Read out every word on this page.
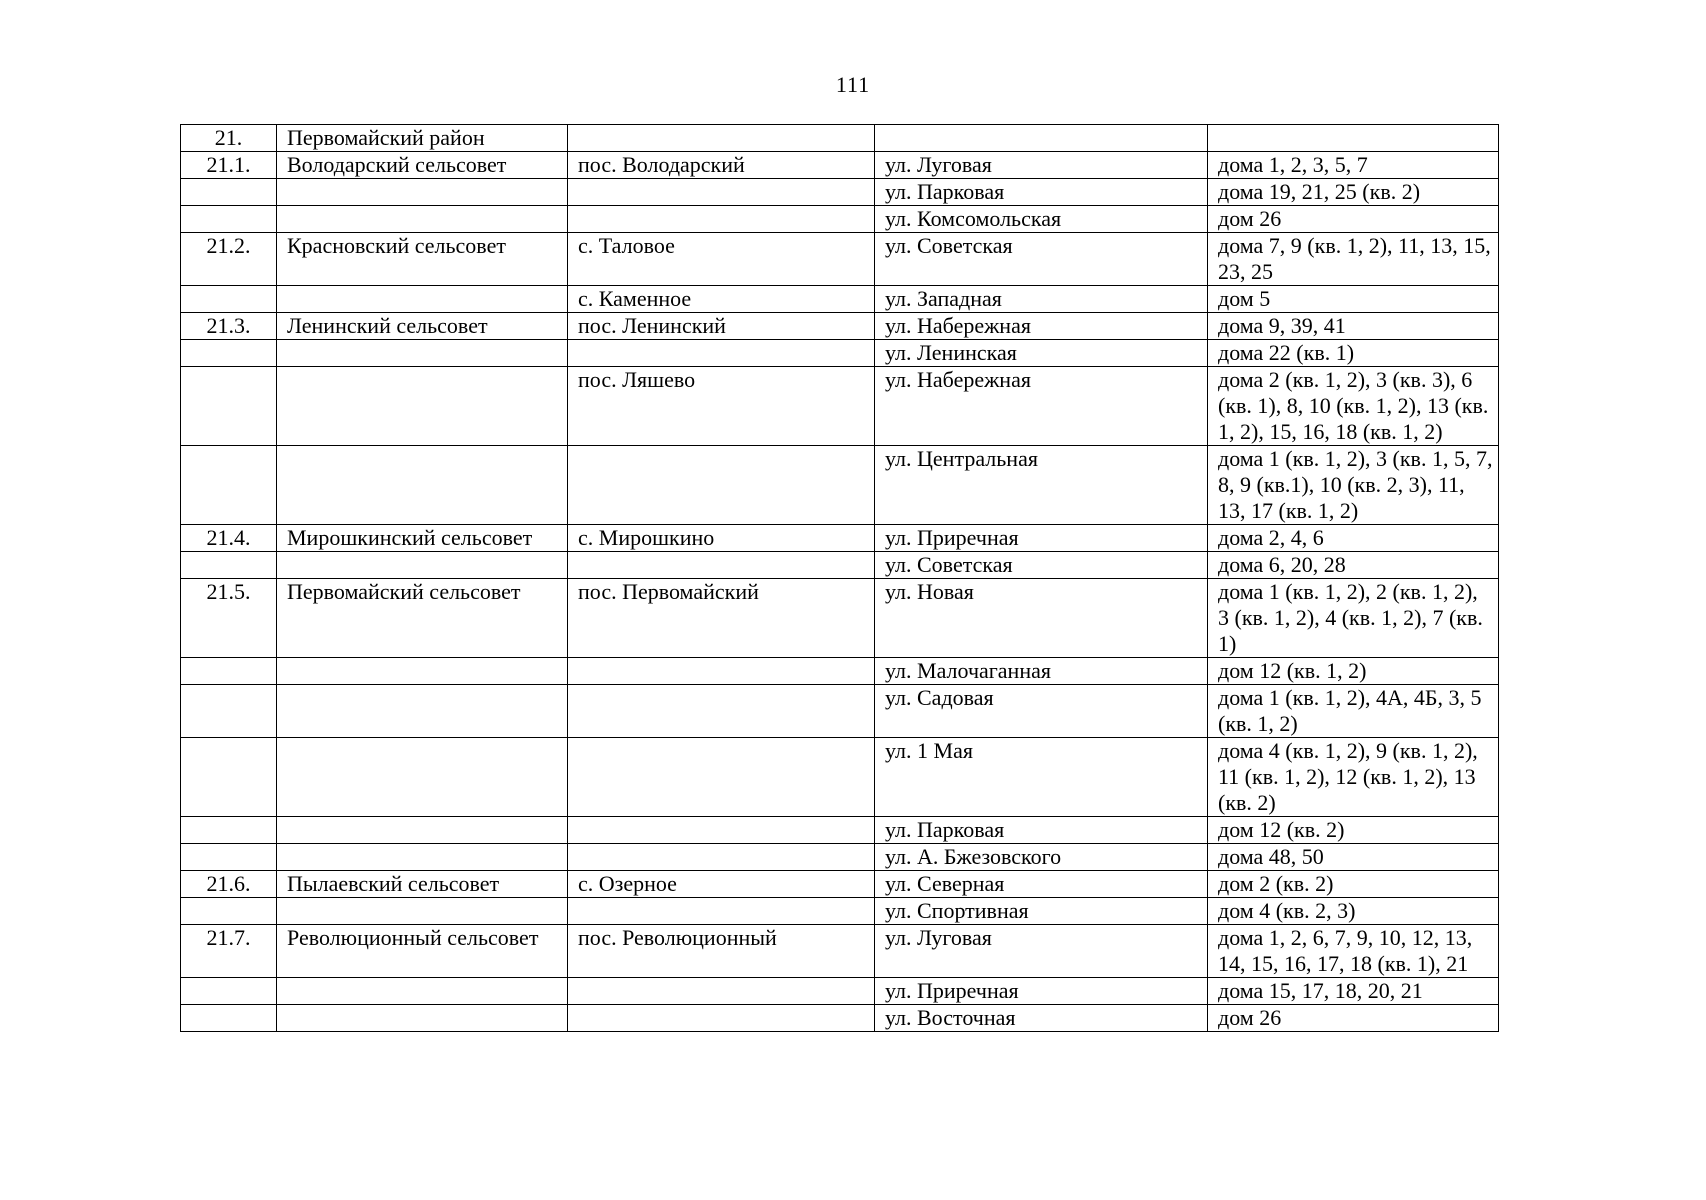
111
21.	Первомайский район			
21.1.	Володарский сельсовет	пос. Володарский	ул. Луговая	дома 1, 2, 3, 5, 7
			ул. Парковая	дома 19, 21, 25 (кв. 2)
			ул. Комсомольская	дом 26
21.2.	Красновский сельсовет	с. Таловое	ул. Советская	дома 7, 9 (кв. 1, 2), 11, 13, 15, 23, 25
		с. Каменное	ул. Западная	дом 5
21.3.	Ленинский сельсовет	пос. Ленинский	ул. Набережная	дома 9, 39, 41
			ул. Ленинская	дома 22 (кв. 1)
		пос. Ляшево	ул. Набережная	дома 2 (кв. 1, 2), 3 (кв. 3), 6 (кв. 1), 8, 10 (кв. 1, 2), 13 (кв. 1, 2), 15, 16, 18 (кв. 1, 2)
			ул. Центральная	дома 1 (кв. 1, 2), 3 (кв. 1, 5, 7, 8, 9 (кв.1), 10 (кв. 2, 3), 11, 13, 17 (кв. 1, 2)
21.4.	Мирошкинский сельсовет	с. Мирошкино	ул. Приречная	дома 2, 4, 6
			ул. Советская	дома 6, 20, 28
21.5.	Первомайский сельсовет	пос. Первомайский	ул. Новая	дома 1 (кв. 1, 2), 2 (кв. 1, 2), 3 (кв. 1, 2), 4 (кв. 1, 2), 7 (кв. 1)
			ул. Малочаганная	дом 12 (кв. 1, 2)
			ул. Садовая	дома 1 (кв. 1, 2), 4А, 4Б, 3, 5 (кв. 1, 2)
			ул. 1 Мая	дома 4 (кв. 1, 2), 9 (кв. 1, 2), 11 (кв. 1, 2), 12 (кв. 1, 2), 13 (кв. 2)
			ул. Парковая	дом 12 (кв. 2)
			ул. А. Бжезовского	дома 48, 50
21.6.	Пылаевский сельсовет	с. Озерное	ул. Северная	дом 2 (кв. 2)
			ул. Спортивная	дом 4 (кв. 2, 3)
21.7.	Революционный сельсовет	пос. Революционный	ул. Луговая	дома 1, 2, 6, 7, 9, 10, 12, 13, 14, 15, 16, 17, 18 (кв. 1), 21
			ул. Приречная	дома 15, 17, 18, 20, 21
			ул. Восточная	дом 26
